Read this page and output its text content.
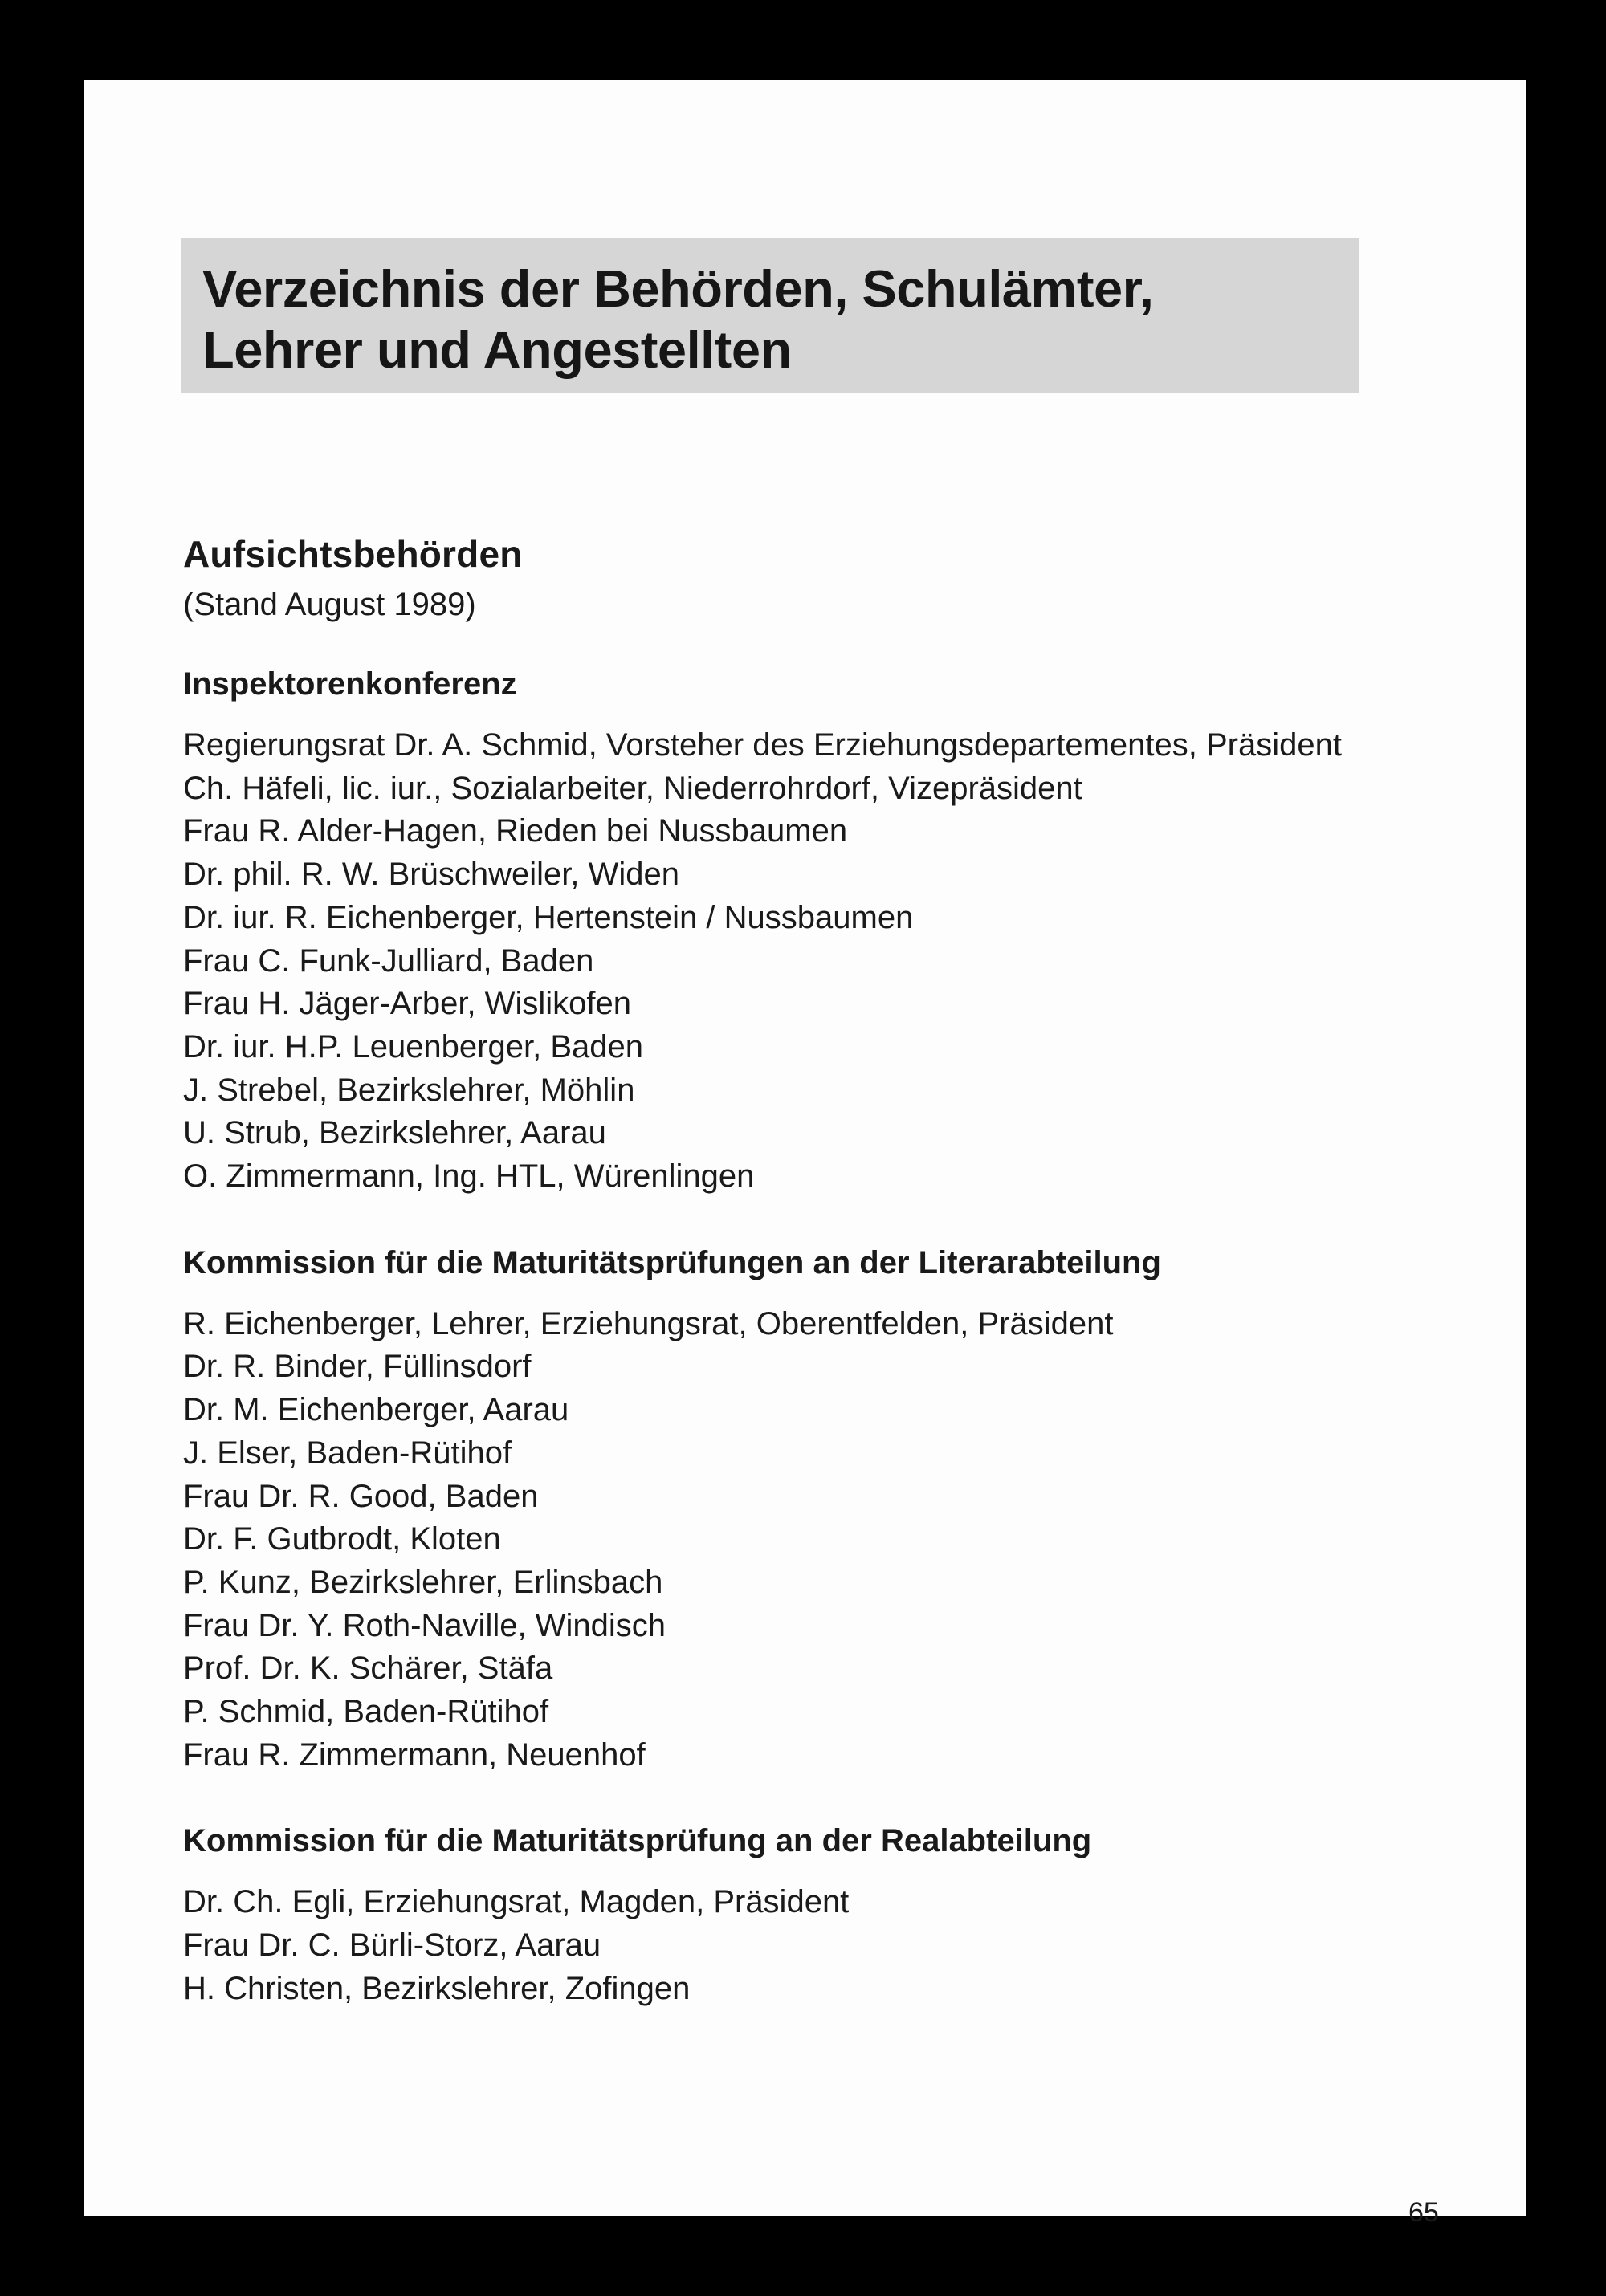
Verzeichnis der Behörden, Schulämter,
Lehrer und Angestellten
Aufsichtsbehörden

(Stand August 1989)

Inspektorenkonferenz
Regierungsrat Dr. A. Schmid, Vorsteher des Erziehungsdepartementes, Präsident
Ch. Häfeli, lic. iur., Sozialarbeiter, Niederrohrdorf, Vizepräsident
Frau R. Alder-Hagen, Rieden bei Nussbaumen
Dr. phil. R. W. Brüschweiler, Widen
Dr. iur. R. Eichenberger, Hertenstein / Nussbaumen
Frau C. Funk-Julliard, Baden
Frau H. Jäger-Arber, Wislikofen
Dr. iur. H.P. Leuenberger, Baden
J. Strebel, Bezirkslehrer, Möhlin
U. Strub, Bezirkslehrer, Aarau
O. Zimmermann, Ing. HTL, Würenlingen
Kommission für die Maturitätsprüfungen an der Literarabteilung
R. Eichenberger, Lehrer, Erziehungsrat, Oberentfelden, Präsident
Dr. R. Binder, Füllinsdorf
Dr. M. Eichenberger, Aarau
J. Elser, Baden-Rütihof
Frau Dr. R. Good, Baden
Dr. F. Gutbrodt, Kloten
P. Kunz, Bezirkslehrer, Erlinsbach
Frau Dr. Y. Roth-Naville, Windisch
Prof. Dr. K. Schärer, Stäfa
P. Schmid, Baden-Rütihof
Frau R. Zimmermann, Neuenhof
Kommission für die Maturitätsprüfung an der Realabteilung
Dr. Ch. Egli, Erziehungsrat, Magden, Präsident
Frau Dr. C. Bürli-Storz, Aarau
H. Christen, Bezirkslehrer, Zofingen
65
